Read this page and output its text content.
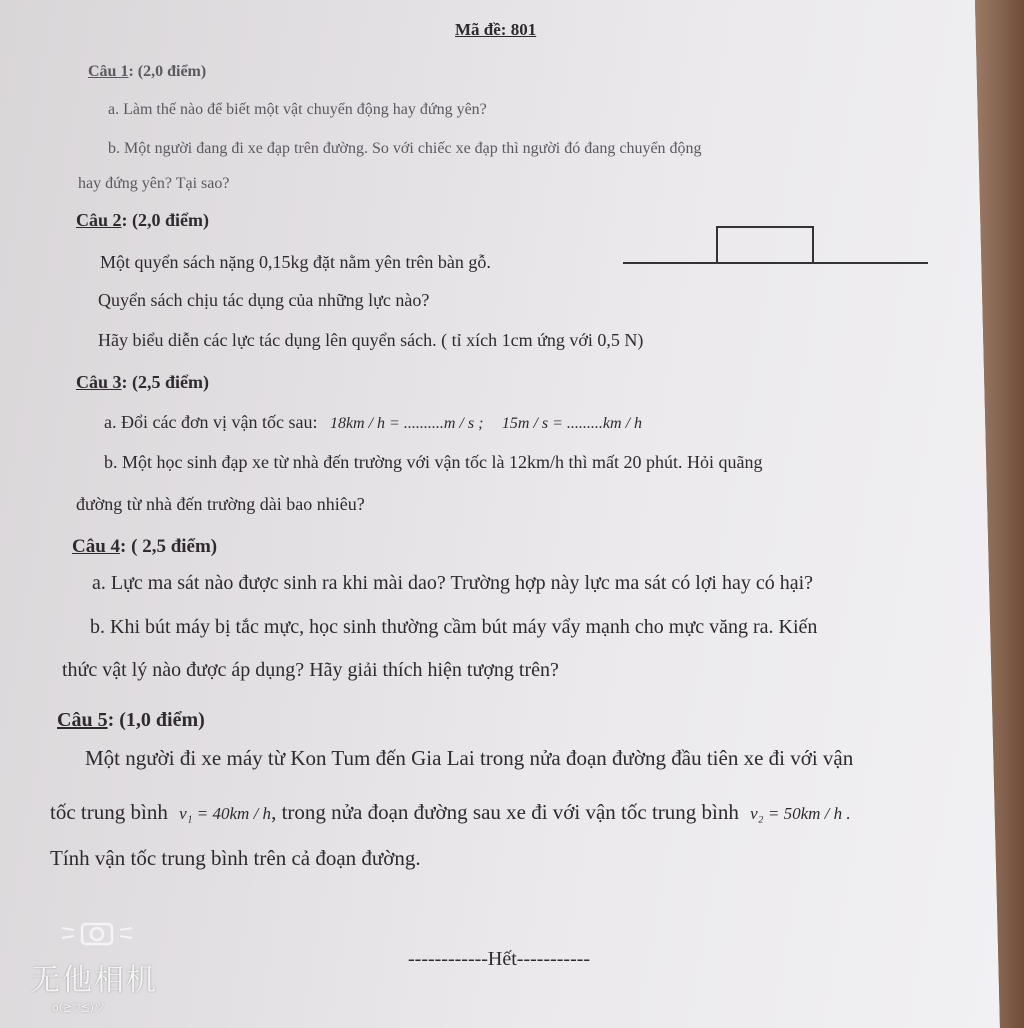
Mã đề: 801
Câu 1: (2,0 điểm)
a. Làm thế nào để biết một vật chuyển động hay đứng yên?
b. Một người đang đi xe đạp trên đường. So với chiếc xe đạp thì người đó đang chuyển động
hay đứng yên? Tại sao?
Câu 2: (2,0 điểm)
Một quyển sách nặng 0,15kg đặt nằm yên trên bàn gỗ.
Quyển sách chịu tác dụng của những lực nào?
Hãy biểu diễn các lực tác dụng lên quyển sách. ( tỉ xích 1cm ứng với 0,5 N)
Câu 3: (2,5 điểm)
a. Đổi các đơn vị vận tốc sau: 18km / h = ..........m / s ; 15m / s = .........km / h
b. Một học sinh đạp xe từ nhà đến trường với vận tốc là 12km/h thì mất 20 phút. Hỏi quãng
đường từ nhà đến trường dài bao nhiêu?
Câu 4: ( 2,5 điểm)
a. Lực ma sát nào được sinh ra khi mài dao? Trường hợp này lực ma sát có lợi hay có hại?
b. Khi bút máy bị tắc mực, học sinh thường cầm bút máy vẩy mạnh cho mực văng ra. Kiến
thức vật lý nào được áp dụng? Hãy giải thích hiện tượng trên?
Câu 5: (1,0 điểm)
Một người đi xe máy từ Kon Tum đến Gia Lai trong nửa đoạn đường đầu tiên xe đi với vận
tốc trung bình v₁ = 40km / h, trong nửa đoạn đường sau xe đi với vận tốc trung bình v₂ = 50km / h .
Tính vận tốc trung bình trên cả đoạn đường.
------------Hết-----------
无他相机
o(≧▽≦)ツ
